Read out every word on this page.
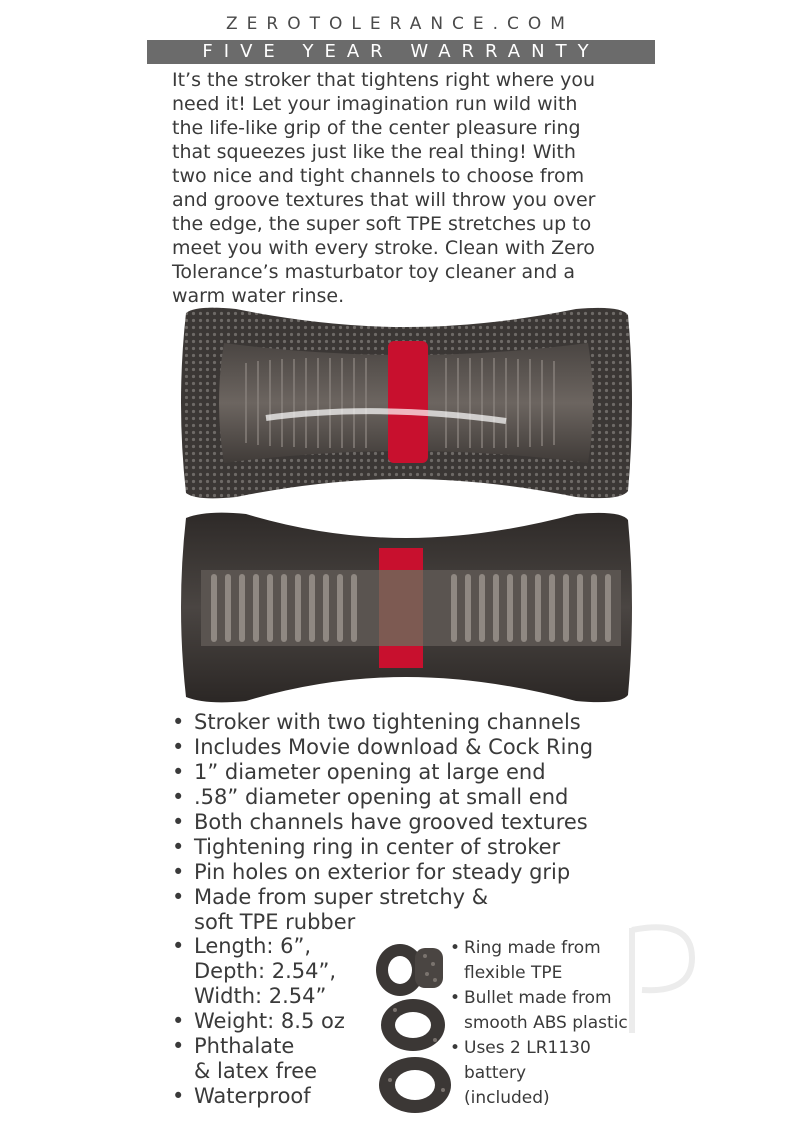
ZEROTOLERANCE.COM
FIVE YEAR WARRANTY

It’s the stroker that tightens right where you

need it! Let your imagination run wild with

the life-like grip of the center pleasure ring

that squeezes just like the real thing! With

two nice and tight channels to choose from

and groove textures that will throw you over

the edge, the super soft TPE stretches up to

meet you with every stroke. Clean with Zero

Tolerance’s masturbator toy cleaner and a

warm water rinse.

• Stroker with two tightening channels
• Includes Movie download & Cock Ring
• 1” diameter opening at large end
• .58” diameter opening at small end
• Both channels have grooved textures
• Tightening ring in center of stroker
• Pin holes on exterior for steady grip
• Made from super stretchy &
soft TPE rubber
• Length: 6”,
Depth: 2.54”,
Width: 2.54”
• Weight: 8.5 oz
• Phthalate
& latex free
• Waterproof
• Ring made from
flexible TPE
• Bullet made from
smooth ABS plastic
• Uses 2 LR1130
battery
(included)
